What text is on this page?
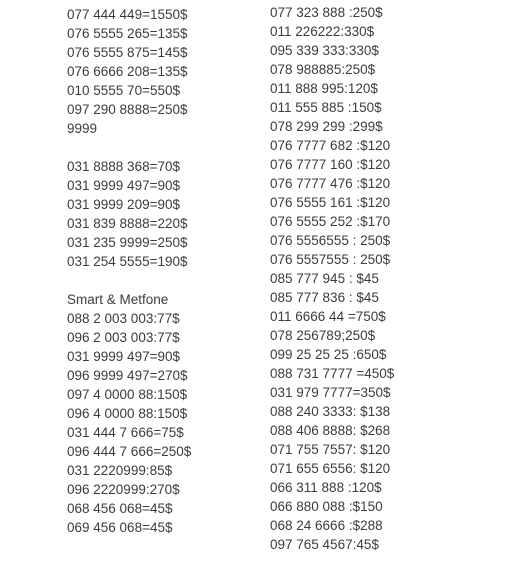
077 444 449=1550$
076 5555 265=135$
076 5555 875=145$
076 6666 208=135$
010 5555 70=550$
097 290 8888=250$
9999
031 8888 368=70$
031 9999 497=90$
031 9999 209=90$
031 839 8888=220$
031 235 9999=250$
031 254 5555=190$
Smart & Metfone
088 2 003 003:77$
096 2 003 003:77$
031 9999 497=90$
096 9999 497=270$
097 4 0000 88:150$
096 4 0000 88:150$
031 444 7 666=75$
096 444 7 666=250$
031 2220999:85$
096 2220999:270$
068 456 068=45$
069 456 068=45$
077 323 888 :250$
011 226222:330$
095 339 333:330$
078 988885:250$
011 888 995:120$
011 555 885 :150$
078 299 299 :299$
076 7777 682 :$120
076 7777 160 :$120
076 7777 476 :$120
076 5555 161 :$120
076 5555 252 :$170
076 5556555 : 250$
076 5557555 : 250$
085 777 945 : $45
085 777 836 : $45
011 6666 44 =750$
078 256789;250$
099 25 25 25 :650$
088 731 7777 =450$
031 979 7777=350$
088 240 3333: $138
088 406 8888: $268
071 755 7557: $120
071 655 6556: $120
066 311 888 :120$
066 880 088 :$150
068 24 6666 :$288
097 765 4567:45$
